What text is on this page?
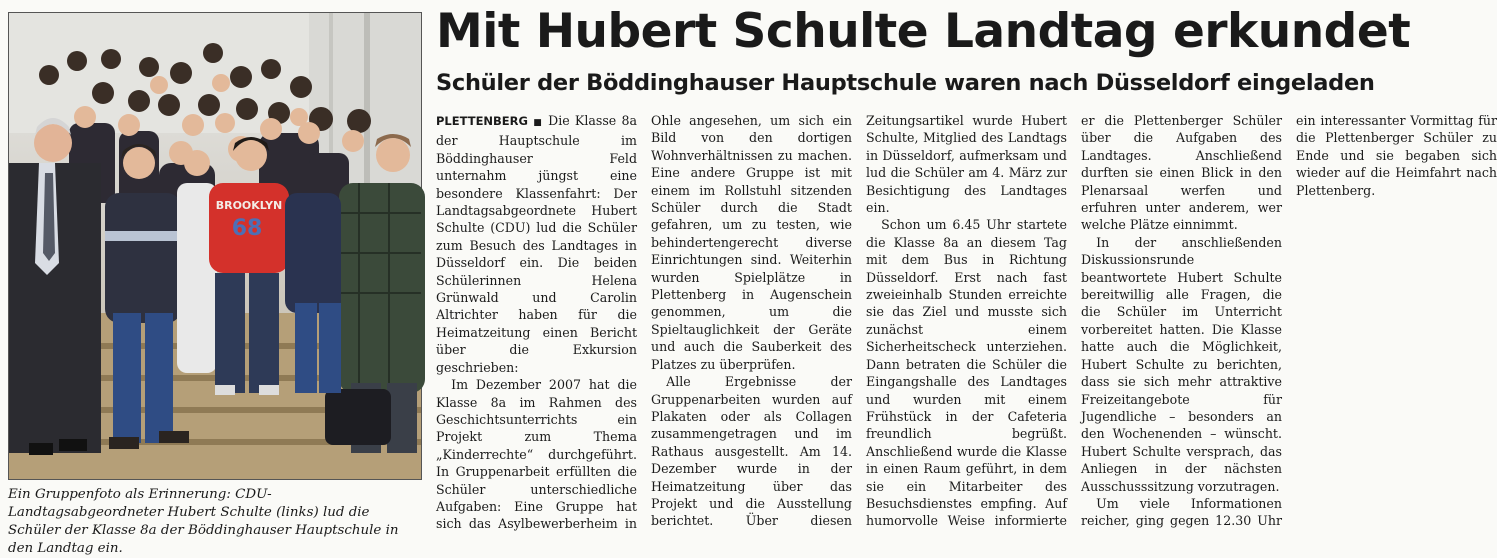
BROOKLYN
68

Ein Gruppenfoto als Erinnerung: CDU-Landtagsabgeordneter Hubert Schulte (links) lud die Schüler der Klasse 8a der Böddinghauser Hauptschule in den Landtag ein.

Mit Hubert Schulte Landtag erkundet
Schüler der Böddinghauser Hauptschule waren nach Düsseldorf eingeladen

PLETTENBERG ■ Die Klasse 8a der Hauptschule im Böddinghauser Feld unternahm jüngst eine besondere Klassenfahrt: Der Landtagsabgeordnete Hubert Schulte (CDU) lud die Schüler zum Besuch des Landtages in Düsseldorf ein. Die beiden Schülerinnen Helena Grünwald und Carolin Altrichter haben für die Heimatzeitung einen Bericht über die Exkursion geschrieben:

Im Dezember 2007 hat die Klasse 8a im Rahmen des Geschichtsunterrichts ein Projekt zum Thema „Kinderrechte“ durchgeführt. In Gruppenarbeit erfüllten die Schüler unterschiedliche Aufgaben: Eine Gruppe hat sich das Asylbewerberheim in Ohle angesehen, um sich ein Bild von den dortigen Wohnverhältnissen zu machen. Eine andere Gruppe ist mit einem im Rollstuhl sitzenden Schüler durch die Stadt gefahren, um zu testen, wie behindertengerecht diverse Einrichtungen sind. Weiterhin wurden Spielplätze in Plettenberg in Augenschein genommen, um die Spieltauglichkeit der Geräte und auch die Sauberkeit des Platzes zu überprüfen.

Alle Ergebnisse der Gruppenarbeiten wurden auf Plakaten oder als Collagen zusammengetragen und im Rathaus ausgestellt. Am 14. Dezember wurde in der Heimatzeitung über das Projekt und die Ausstellung berichtet. Über diesen Zeitungsartikel wurde Hubert Schulte, Mitglied des Landtags in Düsseldorf, aufmerksam und lud die Schüler am 4. März zur Besichtigung des Landtages ein.

Schon um 6.45 Uhr startete die Klasse 8a an diesem Tag mit dem Bus in Richtung Düsseldorf. Erst nach fast zweieinhalb Stunden erreichte sie das Ziel und musste sich zunächst einem Sicherheitscheck unterziehen. Dann betraten die Schüler die Eingangshalle des Landtages und wurden mit einem Frühstück in der Cafeteria freundlich begrüßt. Anschließend wurde die Klasse in einen Raum geführt, in dem sie ein Mitarbeiter des Besuchsdienstes empfing. Auf humorvolle Weise informierte er die Plettenberger Schüler über die Aufgaben des Landtages. Anschließend durften sie einen Blick in den Plenarsaal werfen und erfuhren unter anderem, wer welche Plätze einnimmt.

In der anschließenden Diskussionsrunde beantwortete Hubert Schulte bereitwillig alle Fragen, die die Schüler im Unterricht vorbereitet hatten. Die Klasse hatte auch die Möglichkeit, Hubert Schulte zu berichten, dass sie sich mehr attraktive Freizeitangebote für Jugendliche – besonders an den Wochenenden – wünscht. Hubert Schulte versprach, das Anliegen in der nächsten Ausschusssitzung vorzutragen.

Um viele Informationen reicher, ging gegen 12.30 Uhr ein interessanter Vormittag für die Plettenberger Schüler zu Ende und sie begaben sich wieder auf die Heimfahrt nach Plettenberg.
